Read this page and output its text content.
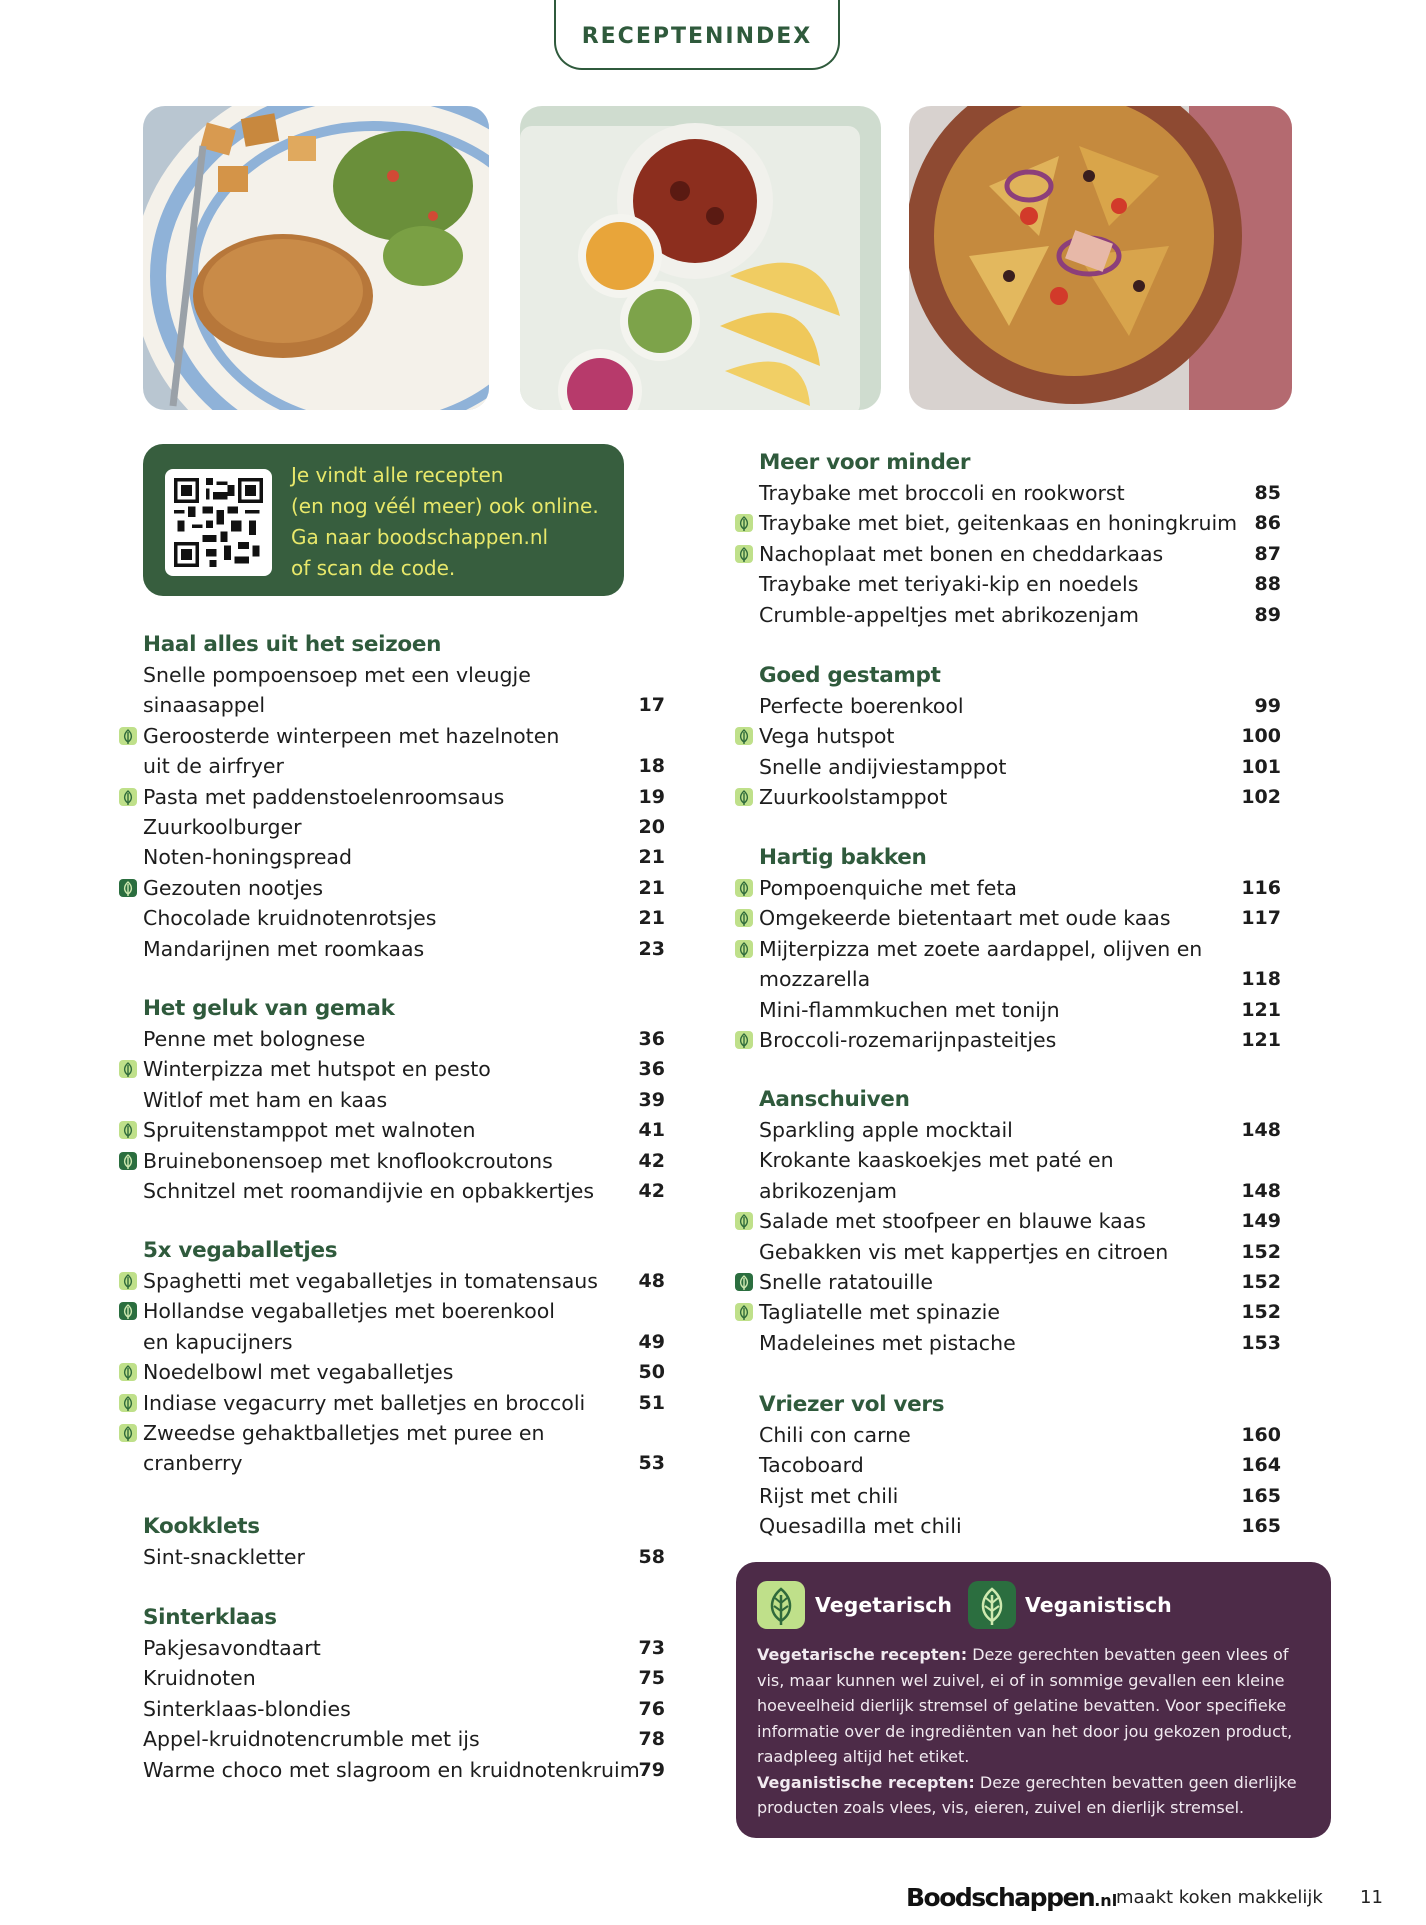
RECEPTENINDEX
Je vindt alle recepten
(en nog véél meer) ook online.
Ga naar boodschappen.nl
of scan de code.
Haal alles uit het seizoen
Snelle pompoensoep met een vleugje
sinaasappel	17
Geroosterde winterpeen met hazelnoten
uit de airfryer	18
Pasta met paddenstoelenroomsaus	19
Zuurkoolburger	20
Noten-honingspread	21
Gezouten nootjes	21
Chocolade kruidnotenrotsjes	21
Mandarijnen met roomkaas	23
Het geluk van gemak
Penne met bolognese	36
Winterpizza met hutspot en pesto	36
Witlof met ham en kaas	39
Spruitenstamppot met walnoten	41
Bruinebonensoep met knoflookcroutons	42
Schnitzel met roomandijvie en opbakkertjes 42
5x vegaballetjes
Spaghetti met vegaballetjes in tomatensaus 48
Hollandse vegaballetjes met boerenkool
en kapucijners	49
Noedelbowl met vegaballetjes	50
Indiase vegacurry met balletjes en broccoli	51
Zweedse gehaktballetjes met puree en
cranberry	53
Kookklets
Sint-snackletter	58
Sinterklaas
Pakjesavondtaart	73
Kruidnoten	75
Sinterklaas-blondies	76
Appel-kruidnotencrumble met ijs	78
Warme choco met slagroom en kruidnotenkruim
79
Meer voor minder
Traybake met broccoli en rookworst	85
Traybake met biet, geitenkaas en honingkruim 86
Nachoplaat met bonen en cheddarkaas	87
Traybake met teriyaki-kip en noedels	88
Crumble-appeltjes met abrikozenjam	89
Goed gestampt
Perfecte boerenkool	99
Vega hutspot	100
Snelle andijviestamppot	101
Zuurkoolstamppot	102
Hartig bakken
Pompoenquiche met feta	116
Omgekeerde bietentaart met oude kaas	117
Mijterpizza met zoete aardappel, olijven en
mozzarella	118
Mini-flammkuchen met tonijn	121
Broccoli-rozemarijnpasteitjes	121
Aanschuiven
Sparkling apple mocktail	148
Krokante kaaskoekjes met paté en
abrikozenjam	148
Salade met stoofpeer en blauwe kaas	149
Gebakken vis met kappertjes en citroen	152
Snelle ratatouille	152
Tagliatelle met spinazie	152
Madeleines met pistache	153
Vriezer vol vers
Chili con carne	160
Tacoboard	164
Rijst met chili	165
Quesadilla met chili	165
Vegetarisch	Veganistisch
Vegetarische recepten: Deze gerechten bevatten geen vlees of vis, maar kunnen wel zuivel, ei of in sommige gevallen een kleine hoeveelheid dierlijk stremsel of gelatine bevatten. Voor specifieke informatie over de ingrediënten van het door jou gekozen product, raadpleeg altijd het etiket.
Veganistische recepten: Deze gerechten bevatten geen dierlijke producten zoals vlees, vis, eieren, zuivel en dierlijk stremsel.
Boodschappen.nl
maakt koken makkelijk 11
